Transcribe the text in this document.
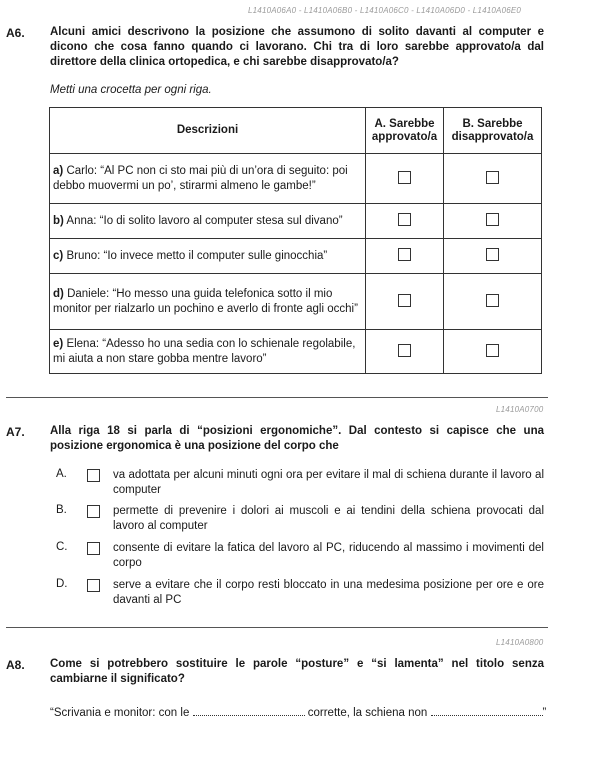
L1410A06A0 - L1410A06B0 - L1410A06C0 - L1410A06D0 - L1410A06E0
A6. Alcuni amici descrivono la posizione che assumono di solito davanti al computer e dicono che cosa fanno quando ci lavorano. Chi tra di loro sarebbe approvato/a dal direttore della clinica ortopedica, e chi sarebbe disapprovato/a?
Metti una crocetta per ogni riga.
Descrizioni	A. Sarebbe approvato/a	B. Sarebbe disapprovato/a
a) Carlo: “Al PC non ci sto mai più di un’ora di seguito: poi debbo muovermi un po’, stirarmi almeno le gambe!”		
b) Anna: “Io di solito lavoro al computer stesa sul divano”		
c) Bruno: “Io invece metto il computer sulle ginocchia”		
d) Daniele: “Ho messo una guida telefonica sotto il mio monitor per rialzarlo un pochino e averlo di fronte agli occhi”		
e) Elena: “Adesso ho una sedia con lo schienale regolabile, mi aiuta a non stare gobba mentre lavoro”		
L1410A0700
A7. Alla riga 18 si parla di “posizioni ergonomiche”. Dal contesto si capisce che una posizione ergonomica è una posizione del corpo che
A.	va adottata per alcuni minuti ogni ora per evitare il mal di schiena durante il lavoro al computer
B.	permette di prevenire i dolori ai muscoli e ai tendini della schiena provocati dal lavoro al computer
C.	consente di evitare la fatica del lavoro al PC, riducendo al massimo i movimenti del corpo
D.	serve a evitare che il corpo resti bloccato in una medesima posizione per ore e ore davanti al PC
L1410A0800
A8. Come si potrebbero sostituire le parole “posture” e “si lamenta” nel titolo senza cambiarne il significato?
“Scrivania e monitor: con le	corrette, la schiena non	”
